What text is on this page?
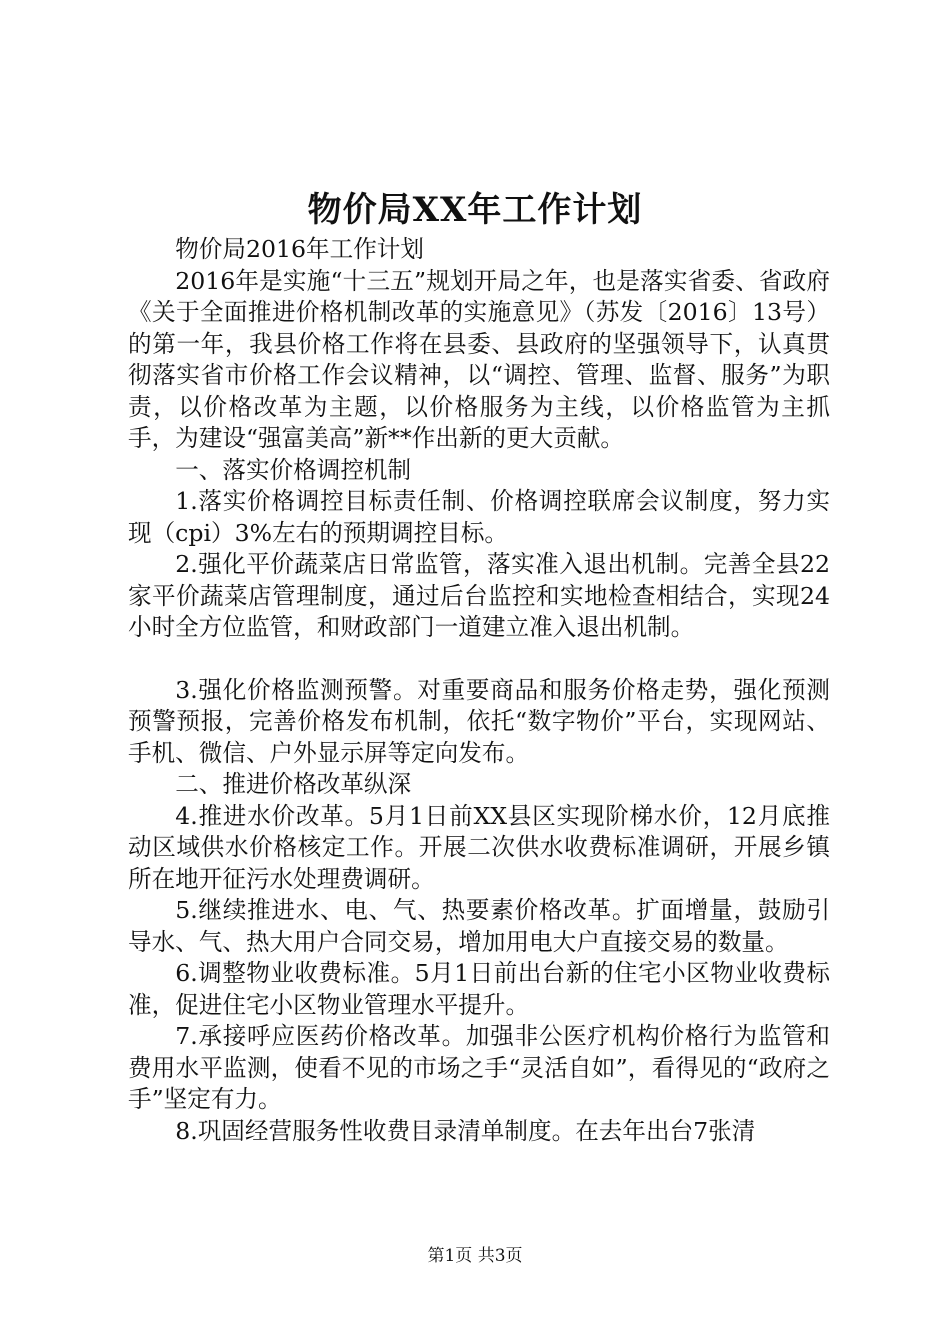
物价局XX年工作计划

物价局2016年工作计划

2016年是实施“十三五”规划开局之年，也是落实省委、省政府《关于全面推进价格机制改革的实施意见》（苏发〔2016〕13号）的第一年，我县价格工作将在县委、县政府的坚强领导下，认真贯彻落实省市价格工作会议精神，以“调控、管理、监督、服务”为职责，以价格改革为主题，以价格服务为主线，以价格监管为主抓手，为建设“强富美高”新**作出新的更大贡献。

一、落实价格调控机制

1.落实价格调控目标责任制、价格调控联席会议制度，努力实现（cpi）3%左右的预期调控目标。

2.强化平价蔬菜店日常监管，落实准入退出机制。完善全县22家平价蔬菜店管理制度，通过后台监控和实地检查相结合，实现24小时全方位监管，和财政部门一道建立准入退出机制。

3.强化价格监测预警。对重要商品和服务价格走势，强化预测预警预报，完善价格发布机制，依托“数字物价”平台，实现网站、手机、微信、户外显示屏等定向发布。

二、推进价格改革纵深

4.推进水价改革。5月1日前XX县区实现阶梯水价，12月底推动区域供水价格核定工作。开展二次供水收费标准调研，开展乡镇所在地开征污水处理费调研。

5.继续推进水、电、气、热要素价格改革。扩面增量，鼓励引导水、气、热大用户合同交易，增加用电大户直接交易的数量。

6.调整物业收费标准。5月1日前出台新的住宅小区物业收费标准，促进住宅小区物业管理水平提升。

7.承接呼应医药价格改革。加强非公医疗机构价格行为监管和费用水平监测，使看不见的市场之手“灵活自如”，看得见的“政府之手”坚定有力。

8.巩固经营服务性收费目录清单制度。在去年出台7张清

第1页 共3页
